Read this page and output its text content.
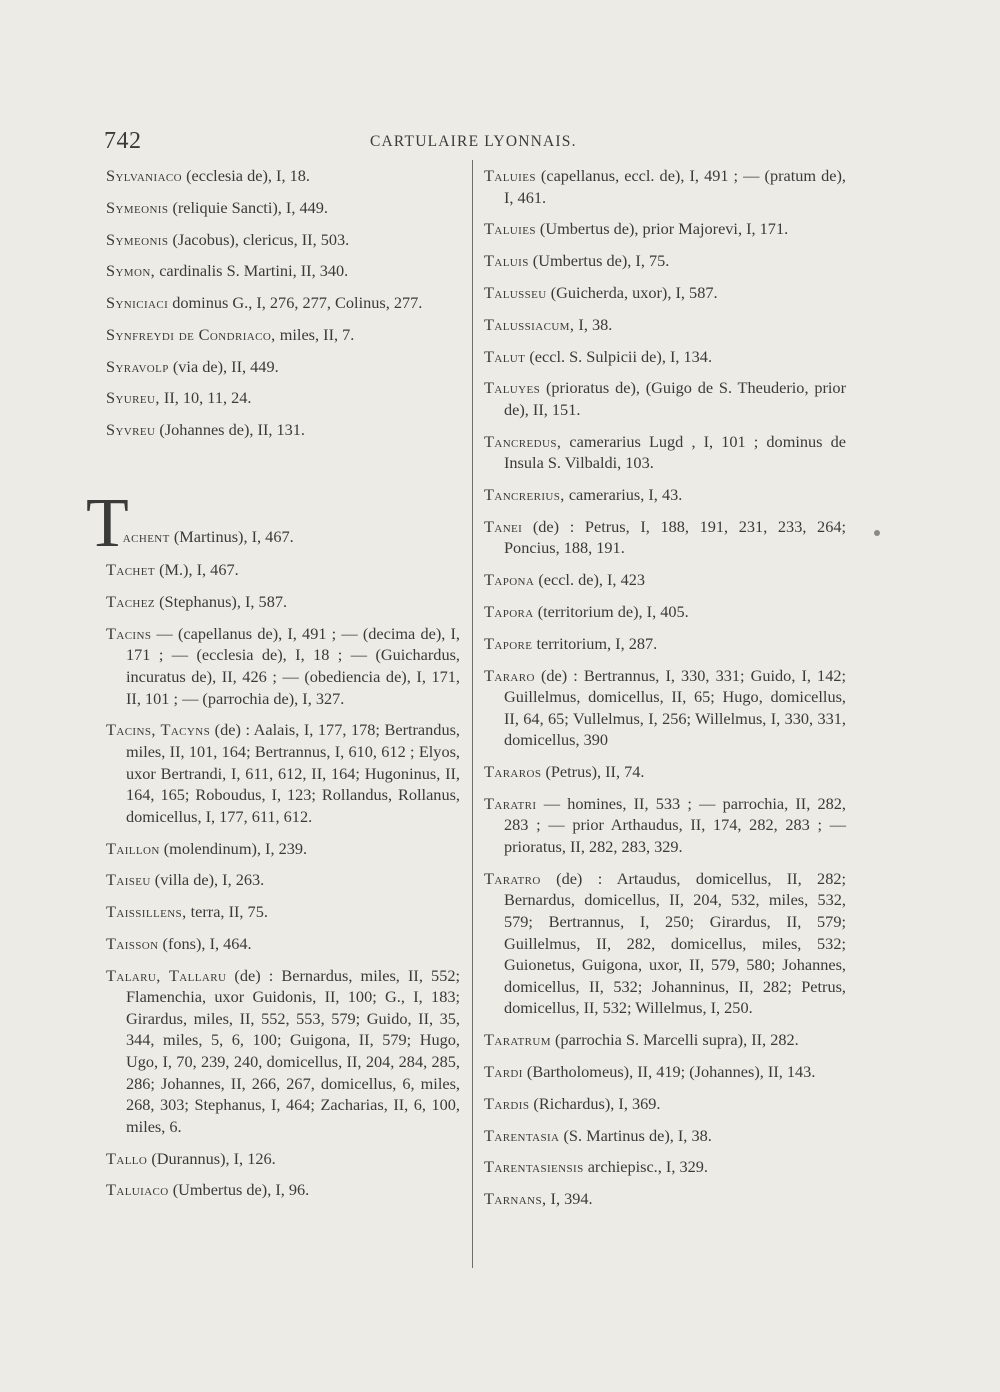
742	CARTULAIRE LYONNAIS.

Sylvaniaco (ecclesia de), I, 18.

Symeonis (reliquie Sancti), I, 449.

Symeonis (Jacobus), clericus, II, 503.

Symon, cardinalis S. Martini, II, 340.

Syniciaci dominus G., I, 276, 277, Colinus, 277.

Synfreydi de Condriaco, miles, II, 7.

Syravolp (via de), II, 449.

Syureu, II, 10, 11, 24.

Syvreu (Johannes de), II, 131.

Tachent (Martinus), I, 467.

Tachet (M.), I, 467.

Tachez (Stephanus), I, 587.

Tacins — (capellanus de), I, 491 ; — (decima de), I, 171 ; — (ecclesia de), I, 18 ; — (Guichardus, incuratus de), II, 426 ; — (obediencia de), I, 171, II, 101 ; — (parrochia de), I, 327.

Tacins, Tacyns (de) : Aalais, I, 177, 178; Bertrandus, miles, II, 101, 164; Bertrannus, I, 610, 612 ; Elyos, uxor Bertrandi, I, 611, 612, II, 164; Hugoninus, II, 164, 165; Roboudus, I, 123; Rollandus, Rollanus, domicellus, I, 177, 611, 612.

Taillon (molendinum), I, 239.

Taiseu (villa de), I, 263.

Taissillens, terra, II, 75.

Taisson (fons), I, 464.

Talaru, Tallaru (de) : Bernardus, miles, II, 552; Flamenchia, uxor Guidonis, II, 100; G., I, 183; Girardus, miles, II, 552, 553, 579; Guido, II, 35, 344, miles, 5, 6, 100; Guigona, II, 579; Hugo, Ugo, I, 70, 239, 240, domicellus, II, 204, 284, 285, 286; Johannes, II, 266, 267, domicellus, 6, miles, 268, 303; Stephanus, I, 464; Zacharias, II, 6, 100, miles, 6.

Tallo (Durannus), I, 126.

Taluiaco (Umbertus de), I, 96.

Taluies (capellanus, eccl. de), I, 491 ; — (pratum de), I, 461.

Taluies (Umbertus de), prior Majorevi, I, 171.

Taluis (Umbertus de), I, 75.

Talusseu (Guicherda, uxor), I, 587.

Talussiacum, I, 38.

Talut (eccl. S. Sulpicii de), I, 134.

Taluyes (prioratus de), (Guigo de S. Theuderio, prior de), II, 151.

Tancredus, camerarius Lugd , I, 101 ; dominus de Insula S. Vilbaldi, 103.

Tancrerius, camerarius, I, 43.

Tanei (de) : Petrus, I, 188, 191, 231, 233, 264; Poncius, 188, 191.

Tapona (eccl. de), I, 423

Tapora (territorium de), I, 405.

Tapore territorium, I, 287.

Tararo (de) : Bertrannus, I, 330, 331; Guido, I, 142; Guillelmus, domicellus, II, 65; Hugo, domicellus, II, 64, 65; Vullelmus, I, 256; Willelmus, I, 330, 331, domicellus, 390

Tararos (Petrus), II, 74.

Taratri — homines, II, 533 ; — parrochia, II, 282, 283 ; — prior Arthaudus, II, 174, 282, 283 ; — prioratus, II, 282, 283, 329.

Taratro (de) : Artaudus, domicellus, II, 282; Bernardus, domicellus, II, 204, 532, miles, 532, 579; Bertrannus, I, 250; Girardus, II, 579; Guillelmus, II, 282, domicellus, miles, 532; Guionetus, Guigona, uxor, II, 579, 580; Johannes, domicellus, II, 532; Johanninus, II, 282; Petrus, domicellus, II, 532; Willelmus, I, 250.

Taratrum (parrochia S. Marcelli supra), II, 282.

Tardi (Bartholomeus), II, 419; (Johannes), II, 143.

Tardis (Richardus), I, 369.

Tarentasia (S. Martinus de), I, 38.

Tarentasiensis archiepisc., I, 329.

Tarnans, I, 394.
